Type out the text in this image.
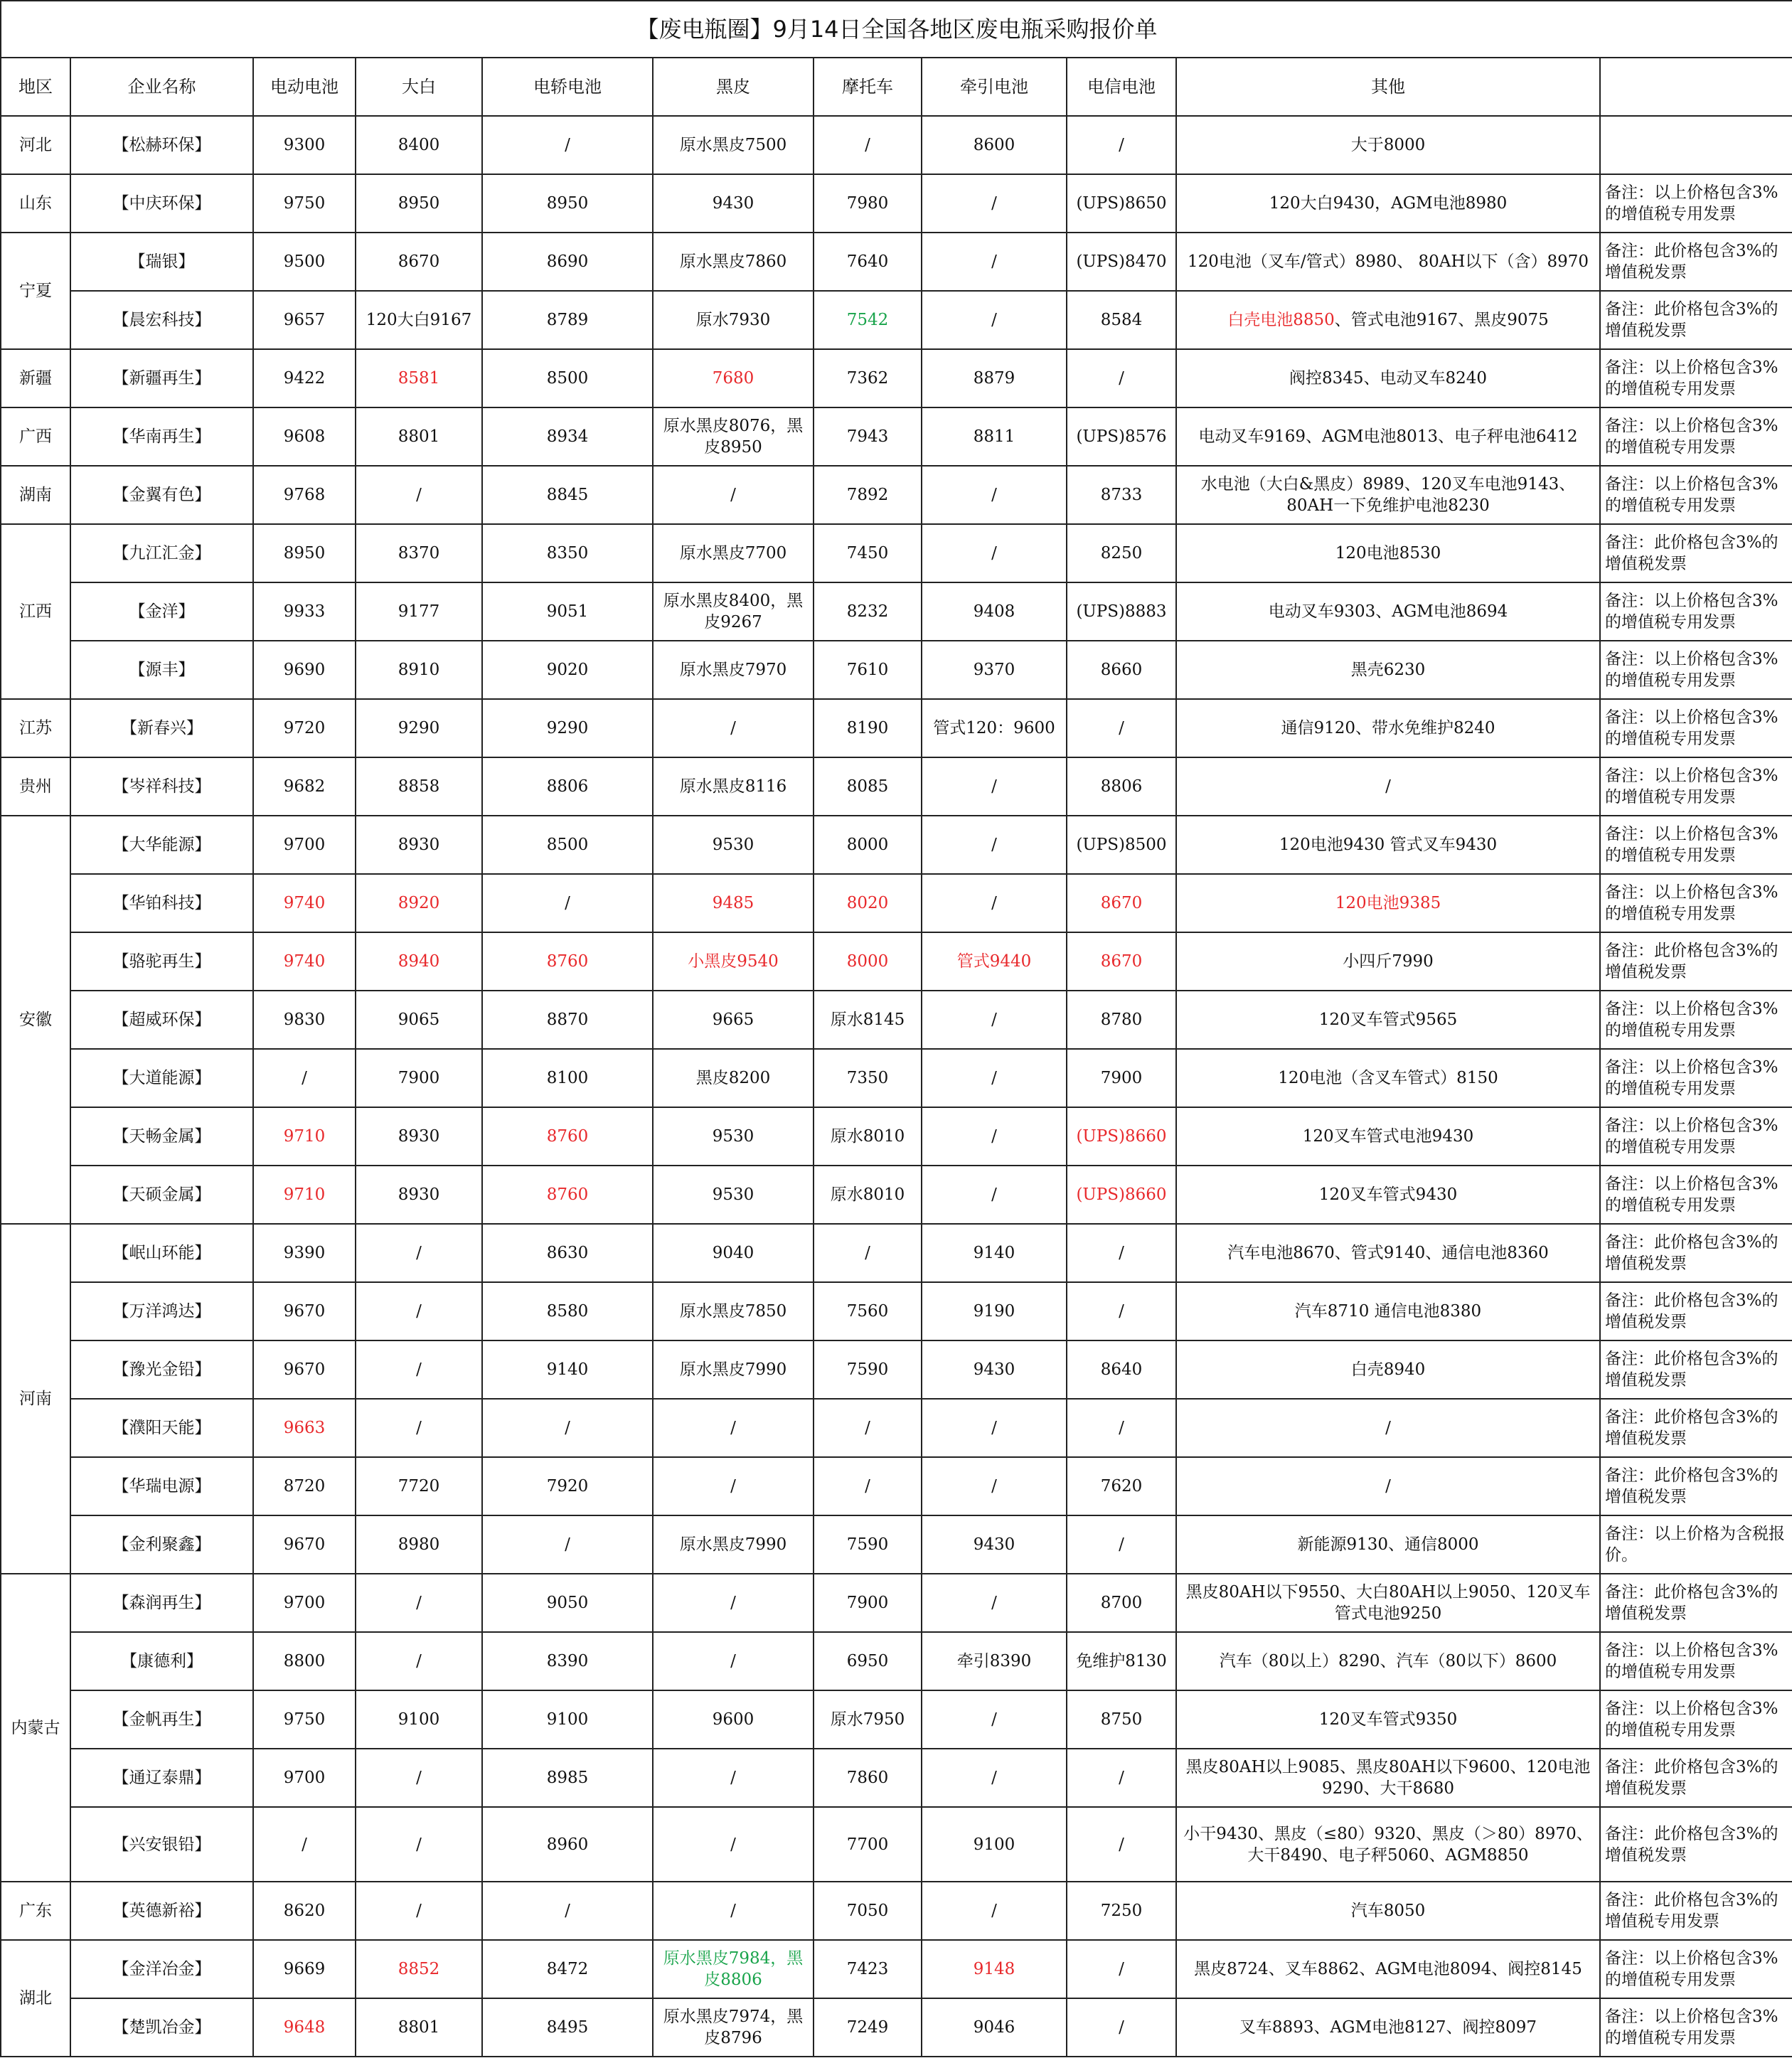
【废电瓶圈】9月14日全国各地区废电瓶采购报价单										
地区	企业名称	电动电池	大白	电轿电池	黑皮	摩托车	牵引电池	电信电池	其他	
河北	【松赫环保】	9300	8400	/	原水黑皮7500	/	8600	/	大于8000	
山东	【中庆环保】	9750	8950	8950	9430	7980	/	(UPS)8650	120大白9430，AGM电池8980	备注：以上价格包含3%的增值税专用发票
宁夏	【瑞银】	9500	8670	8690	原水黑皮7860	7640	/	(UPS)8470	120电池（叉车/管式）8980、 80AH以下（含）8970	备注：此价格包含3%的增值税发票
	【晨宏科技】	9657	120大白9167	8789	原水7930	7542	/	8584	白壳电池8850、管式电池9167、黑皮9075	备注：此价格包含3%的增值税发票
新疆	【新疆再生】	9422	8581	8500	7680	7362	8879	/	阀控8345、电动叉车8240	备注：以上价格包含3%的增值税专用发票
广西	【华南再生】	9608	8801	8934	原水黑皮8076，黑皮8950	7943	8811	(UPS)8576	电动叉车9169、AGM电池8013、电子秤电池6412	备注：以上价格包含3%的增值税专用发票
湖南	【金翼有色】	9768	/	8845	/	7892	/	8733	水电池（大白&黑皮）8989、120叉车电池9143、80AH一下免维护电池8230	备注：以上价格包含3%的增值税专用发票
江西	【九江汇金】	8950	8370	8350	原水黑皮7700	7450	/	8250	120电池8530	备注：此价格包含3%的增值税发票
	【金洋】	9933	9177	9051	原水黑皮8400，黑皮9267	8232	9408	(UPS)8883	电动叉车9303、AGM电池8694	备注：以上价格包含3%的增值税专用发票
	【源丰】	9690	8910	9020	原水黑皮7970	7610	9370	8660	黑壳6230	备注：以上价格包含3%的增值税专用发票
江苏	【新春兴】	9720	9290	9290	/	8190	管式120：9600	/	通信9120、带水免维护8240	备注：以上价格包含3%的增值税专用发票
贵州	【岑祥科技】	9682	8858	8806	原水黑皮8116	8085	/	8806	/	备注：以上价格包含3%的增值税专用发票
安徽	【大华能源】	9700	8930	8500	9530	8000	/	(UPS)8500	120电池9430 管式叉车9430	备注：以上价格包含3%的增值税专用发票
	【华铂科技】	9740	8920	/	9485	8020	/	8670	120电池9385	备注：以上价格包含3%的增值税专用发票
	【骆驼再生】	9740	8940	8760	小黑皮9540	8000	管式9440	8670	小四斤7990	备注：此价格包含3%的增值税发票
	【超威环保】	9830	9065	8870	9665	原水8145	/	8780	120叉车管式9565	备注：以上价格包含3%的增值税专用发票
	【大道能源】	/	7900	8100	黑皮8200	7350	/	7900	120电池（含叉车管式）8150	备注：以上价格包含3%的增值税专用发票
	【天畅金属】	9710	8930	8760	9530	原水8010	/	(UPS)8660	120叉车管式电池9430	备注：以上价格包含3%的增值税专用发票
	【天硕金属】	9710	8930	8760	9530	原水8010	/	(UPS)8660	120叉车管式9430	备注：以上价格包含3%的增值税专用发票
河南	【岷山环能】	9390	/	8630	9040	/	9140	/	汽车电池8670、管式9140、通信电池8360	备注：此价格包含3%的增值税发票
	【万洋鸿达】	9670	/	8580	原水黑皮7850	7560	9190	/	汽车8710 通信电池8380	备注：此价格包含3%的增值税发票
	【豫光金铅】	9670	/	9140	原水黑皮7990	7590	9430	8640	白壳8940	备注：此价格包含3%的增值税发票
	【濮阳天能】	9663	/	/	/	/	/	/	/	备注：此价格包含3%的增值税发票
	【华瑞电源】	8720	7720	7920	/	/	/	7620	/	备注：此价格包含3%的增值税发票
	【金利聚鑫】	9670	8980	/	原水黑皮7990	7590	9430	/	新能源9130、通信8000	备注：以上价格为含税报价。
内蒙古	【森润再生】	9700	/	9050	/	7900	/	8700	黑皮80AH以下9550、大白80AH以上9050、120叉车管式电池9250	备注：此价格包含3%的增值税发票
	【康德利】	8800	/	8390	/	6950	牵引8390	免维护8130	汽车（80以上）8290、汽车（80以下）8600	备注：以上价格包含3%的增值税专用发票
	【金帆再生】	9750	9100	9100	9600	原水7950	/	8750	120叉车管式9350	备注：以上价格包含3%的增值税专用发票
	【通辽泰鼎】	9700	/	8985	/	7860	/	/	黑皮80AH以上9085、黑皮80AH以下9600、120电池9290、大干8680	备注：此价格包含3%的增值税发票
	【兴安银铅】	/	/	8960	/	7700	9100	/	小干9430、黑皮（≤80）9320、黑皮（＞80）8970、大干8490、电子秤5060、AGM8850	备注：此价格包含3%的增值税发票
广东	【英德新裕】	8620	/	/	/	7050	/	7250	汽车8050	备注：此价格包含3%的增值税专用发票
湖北	【金洋冶金】	9669	8852	8472	原水黑皮7984，黑皮8806	7423	9148	/	黑皮8724、叉车8862、AGM电池8094、阀控8145	备注：以上价格包含3%的增值税专用发票
	【楚凯冶金】	9648	8801	8495	原水黑皮7974，黑皮8796	7249	9046	/	叉车8893、AGM电池8127、阀控8097	备注：以上价格包含3%的增值税专用发票
